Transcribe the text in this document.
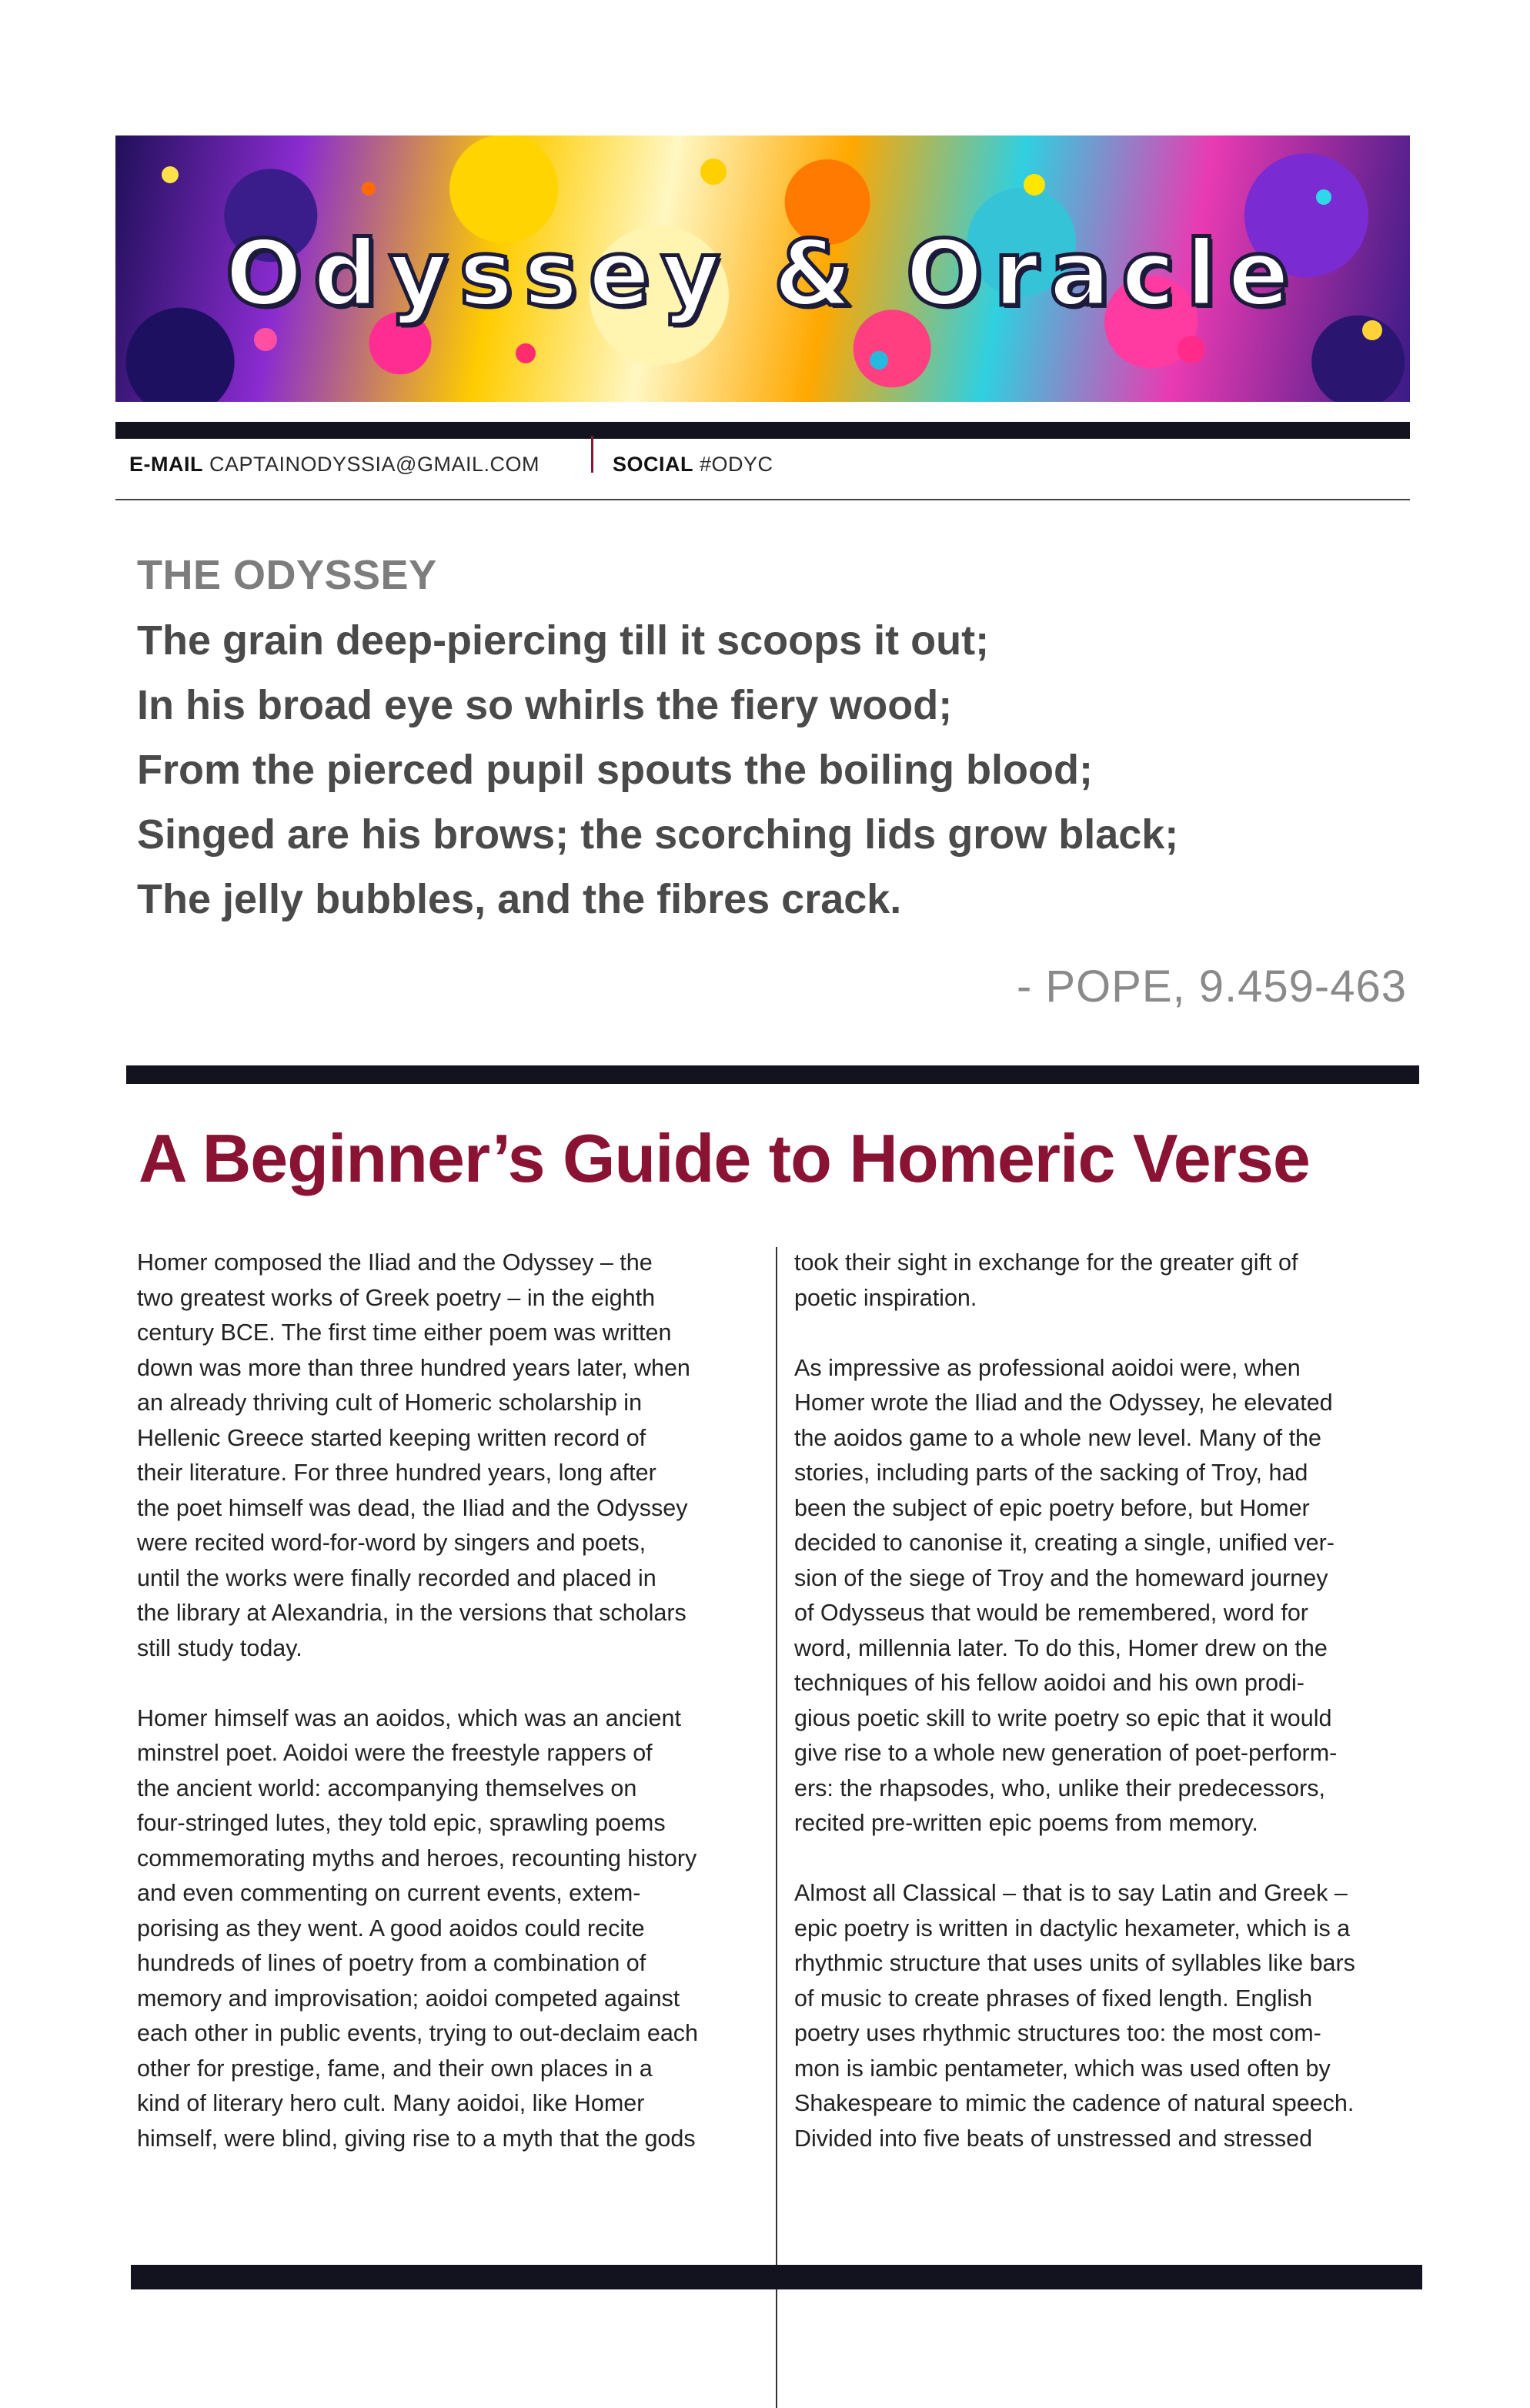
Odyssey & Oracle
E-MAIL CAPTAINODYSSIA@GMAIL.COM	SOCIAL #ODYC
THE ODYSSEY
The grain deep-piercing till it scoops it out;
In his broad eye so whirls the fiery wood;
From the pierced pupil spouts the boiling blood;
Singed are his brows; the scorching lids grow black;
The jelly bubbles, and the fibres crack.
- POPE, 9.459-463
A Beginner’s Guide to Homeric Verse
Homer composed the Iliad and the Odyssey – the
two greatest works of Greek poetry – in the eighth
century BCE. The first time either poem was written
down was more than three hundred years later, when
an already thriving cult of Homeric scholarship in
Hellenic Greece started keeping written record of
their literature. For three hundred years, long after
the poet himself was dead, the Iliad and the Odyssey
were recited word-for-word by singers and poets,
until the works were finally recorded and placed in
the library at Alexandria, in the versions that scholars
still study today.
Homer himself was an aoidos, which was an ancient
minstrel poet. Aoidoi were the freestyle rappers of
the ancient world: accompanying themselves on
four-stringed lutes, they told epic, sprawling poems
commemorating myths and heroes, recounting history
and even commenting on current events, extem-
porising as they went. A good aoidos could recite
hundreds of lines of poetry from a combination of
memory and improvisation; aoidoi competed against
each other in public events, trying to out-declaim each
other for prestige, fame, and their own places in a
kind of literary hero cult. Many aoidoi, like Homer
himself, were blind, giving rise to a myth that the gods
took their sight in exchange for the greater gift of
poetic inspiration.
As impressive as professional aoidoi were, when
Homer wrote the Iliad and the Odyssey, he elevated
the aoidos game to a whole new level. Many of the
stories, including parts of the sacking of Troy, had
been the subject of epic poetry before, but Homer
decided to canonise it, creating a single, unified ver-
sion of the siege of Troy and the homeward journey
of Odysseus that would be remembered, word for
word, millennia later. To do this, Homer drew on the
techniques of his fellow aoidoi and his own prodi-
gious poetic skill to write poetry so epic that it would
give rise to a whole new generation of poet-perform-
ers: the rhapsodes, who, unlike their predecessors,
recited pre-written epic poems from memory.
Almost all Classical – that is to say Latin and Greek –
epic poetry is written in dactylic hexameter, which is a
rhythmic structure that uses units of syllables like bars
of music to create phrases of fixed length. English
poetry uses rhythmic structures too: the most com-
mon is iambic pentameter, which was used often by
Shakespeare to mimic the cadence of natural speech.
Divided into five beats of unstressed and stressed
